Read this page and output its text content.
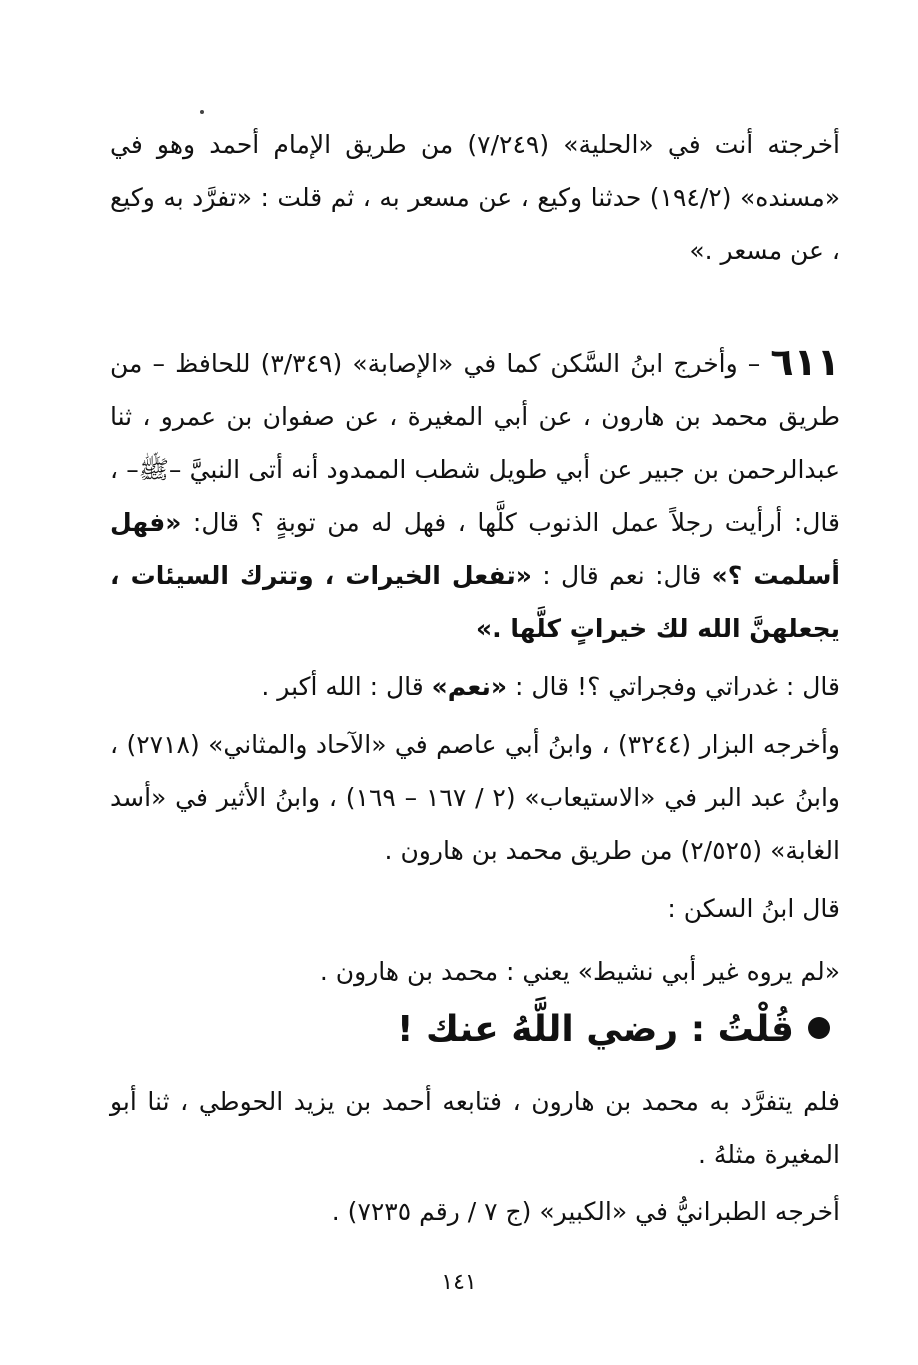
أخرجته أنت في «الحلية» (٧/٢٤٩) من طريق الإمام أحمد وهو في «مسنده» (١٩٤/٢) حدثنا وكيع ، عن مسعر به ، ثم قلت : «تفرَّد به وكيع ، عن مسعر .»
٦١١ – وأخرج ابنُ السَّكن كما في «الإصابة» (٣/٣٤٩) للحافظ – من طريق محمد بن هارون ، عن أبي المغيرة ، عن صفوان بن عمرو ، ثنا عبدالرحمن بن جبير عن أبي طويل شطب الممدود أنه أتى النبيَّ –ﷺ– ، قال: أرأيت رجلاً عمل الذنوب كلَّها ، فهل له من توبةٍ ؟ قال: «فهل أسلمت ؟» قال: نعم قال : «تفعل الخيرات ، وتترك السيئات ، يجعلهنَّ الله لك خيراتٍ كلَّها .»
قال : غدراتي وفجراتي ؟! قال : «نعم» قال : الله أكبر .
وأخرجه البزار (٣٢٤٤) ، وابنُ أبي عاصم في «الآحاد والمثاني» (٢٧١٨) ، وابنُ عبد البر في «الاستيعاب» (٢ / ١٦٧ – ١٦٩) ، وابنُ الأثير في «أسد الغابة» (٢/٥٢٥) من طريق محمد بن هارون .
قال ابنُ السكن :
«لم يروه غير أبي نشيط» يعني : محمد بن هارون .
قُلْتُ : رضي اللَّهُ عنك !
فلم يتفرَّد به محمد بن هارون ، فتابعه أحمد بن يزيد الحوطي ، ثنا أبو المغيرة مثلهُ .
أخرجه الطبرانيُّ في «الكبير» (ج ٧ / رقم ٧٢٣٥) .
١٤١
